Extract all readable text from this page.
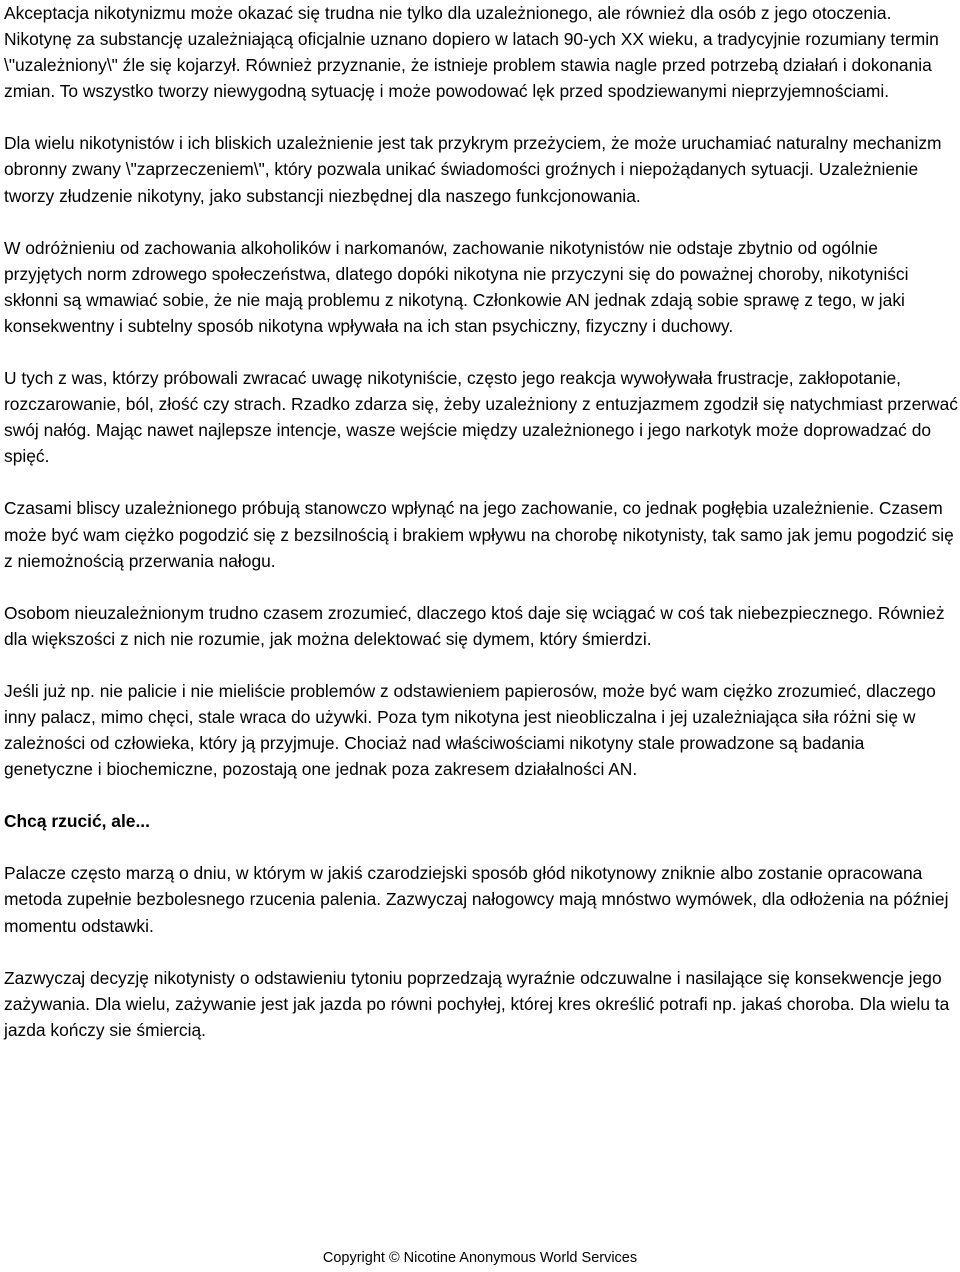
Akceptacja nikotynizmu może okazać się trudna nie tylko dla uzależnionego, ale również dla osób z jego otoczenia. Nikotynę za substancję uzależniającą oficjalnie uznano dopiero w latach 90-ych XX wieku, a tradycyjnie rozumiany termin \"uzależniony\" źle się kojarzył. Również przyznanie, że istnieje problem stawia nagle przed potrzebą działań i dokonania zmian. To wszystko tworzy niewygodną sytuację i może powodować lęk przed spodziewanymi nieprzyjemnościami.

Dla wielu nikotynistów i ich bliskich uzależnienie jest tak przykrym przeżyciem, że może uruchamiać naturalny mechanizm obronny zwany \"zaprzeczeniem\", który pozwala unikać świadomości groźnych i niepożądanych sytuacji. Uzależnienie tworzy złudzenie nikotyny, jako substancji niezbędnej dla naszego funkcjonowania.

W odróżnieniu od zachowania alkoholików i narkomanów, zachowanie nikotynistów nie odstaje zbytnio od ogólnie przyjętych norm zdrowego społeczeństwa, dlatego dopóki nikotyna nie przyczyni się do poważnej choroby, nikotyniści skłonni są wmawiać sobie, że nie mają problemu z nikotyną. Członkowie AN jednak zdają sobie sprawę z tego, w jaki konsekwentny i subtelny sposób nikotyna wpływała na ich stan psychiczny, fizyczny i duchowy.

U tych z was, którzy próbowali zwracać uwagę nikotyniście, często jego reakcja wywoływała frustracje, zakłopotanie, rozczarowanie, ból, złość czy strach. Rzadko zdarza się, żeby uzależniony z entuzjazmem zgodził się natychmiast przerwać swój nałóg. Mając nawet najlepsze intencje, wasze wejście między uzależnionego i jego narkotyk może doprowadzać do spięć.

Czasami bliscy uzależnionego próbują stanowczo wpłynąć na jego zachowanie, co jednak pogłębia uzależnienie. Czasem może być wam ciężko pogodzić się z bezsilnością i brakiem wpływu na chorobę nikotynisty, tak samo jak jemu pogodzić się z niemożnością przerwania nałogu.

Osobom nieuzależnionym trudno czasem zrozumieć, dlaczego ktoś daje się wciągać w coś tak niebezpiecznego. Również dla większości z nich nie rozumie, jak można delektować się dymem, który śmierdzi.

Jeśli już np. nie palicie i nie mieliście problemów z odstawieniem papierosów, może być wam ciężko zrozumieć, dlaczego inny palacz, mimo chęci, stale wraca do używki. Poza tym nikotyna jest nieobliczalna i jej uzależniająca siła różni się w zależności od człowieka, który ją przyjmuje. Chociaż nad właściwościami nikotyny stale prowadzone są badania genetyczne i biochemiczne, pozostają one jednak poza zakresem działalności AN.

Chcą rzucić, ale...

Palacze często marzą o dniu, w którym w jakiś czarodziejski sposób głód nikotynowy zniknie albo zostanie opracowana metoda zupełnie bezbolesnego rzucenia palenia. Zazwyczaj nałogowcy mają mnóstwo wymówek, dla odłożenia na później momentu odstawki.

Zazwyczaj decyzję nikotynisty o odstawieniu tytoniu poprzedzają wyraźnie odczuwalne i nasilające się konsekwencje jego zażywania. Dla wielu, zażywanie jest jak jazda po równi pochyłej, której kres określić potrafi np. jakaś choroba. Dla wielu ta jazda kończy sie śmiercią.

Copyright © Nicotine Anonymous World Services
